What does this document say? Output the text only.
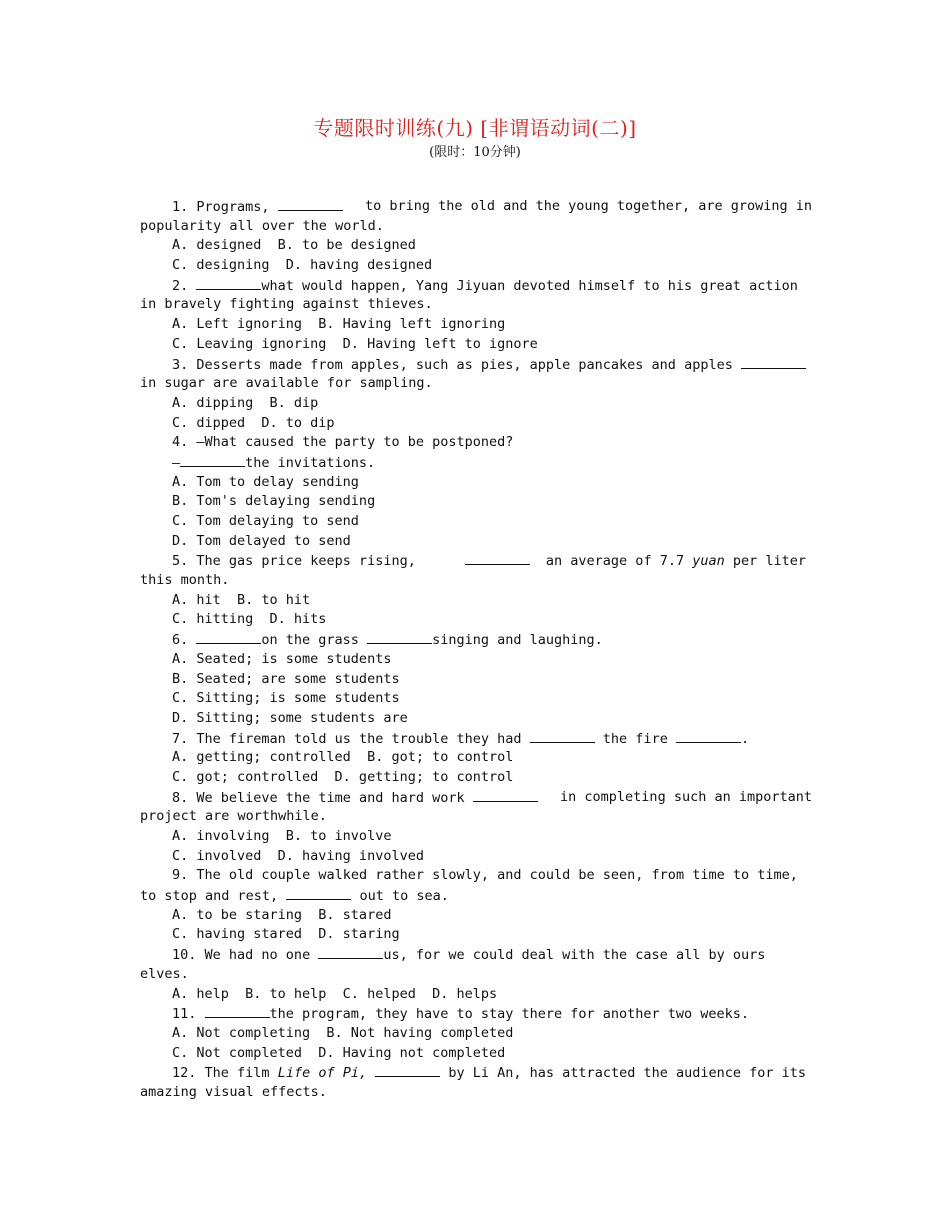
专题限时训练(九) [非谓语动词(二)]
(限时：10分钟)
1. Programs,	to bring the old and the young together, are growing in
popularity all over the world.
A. designed  B. to be designed
C. designing  D. having designed
2.	what would happen, Yang Jiyuan devoted himself to his great action
in bravely fighting against thieves.
A. Left ignoring  B. Having left ignoring
C. Leaving ignoring  D. Having left to ignore
3. Desserts made from apples, such as pies, apple pancakes and apples
in sugar are available for sampling.
A. dipping  B. dip
C. dipped  D. to dip
4. —What caused the party to be postponed?
—	the invitations.
A. Tom to delay sending
B. Tom's delaying sending
C. Tom delaying to send
D. Tom delayed to send
5. The gas price keeps rising,	an average of 7.7 yuan per liter
this month.
A. hit  B. to hit
C. hitting  D. hits
6.	on the grass	singing and laughing.
A. Seated; is some students
B. Seated; are some students
C. Sitting; is some students
D. Sitting; some students are
7. The fireman told us the trouble they had	the fire	.
A. getting; controlled  B. got; to control
C. got; controlled  D. getting; to control
8. We believe the time and hard work	in completing such an important
project are worthwhile.
A. involving  B. to involve
C. involved  D. having involved
9. The old couple walked rather slowly, and could be seen, from time to time,
to stop and rest,	out to sea.
A. to be staring  B. stared
C. having stared  D. staring
10. We had no one	us, for we could deal with the case all by ours
elves.
A. help  B. to help  C. helped  D. helps
11.	the program, they have to stay there for another two weeks.
A. Not completing  B. Not having completed
C. Not completed  D. Having not completed
12. The film Life of Pi,	by Li An, has attracted the audience for its
amazing visual effects.
